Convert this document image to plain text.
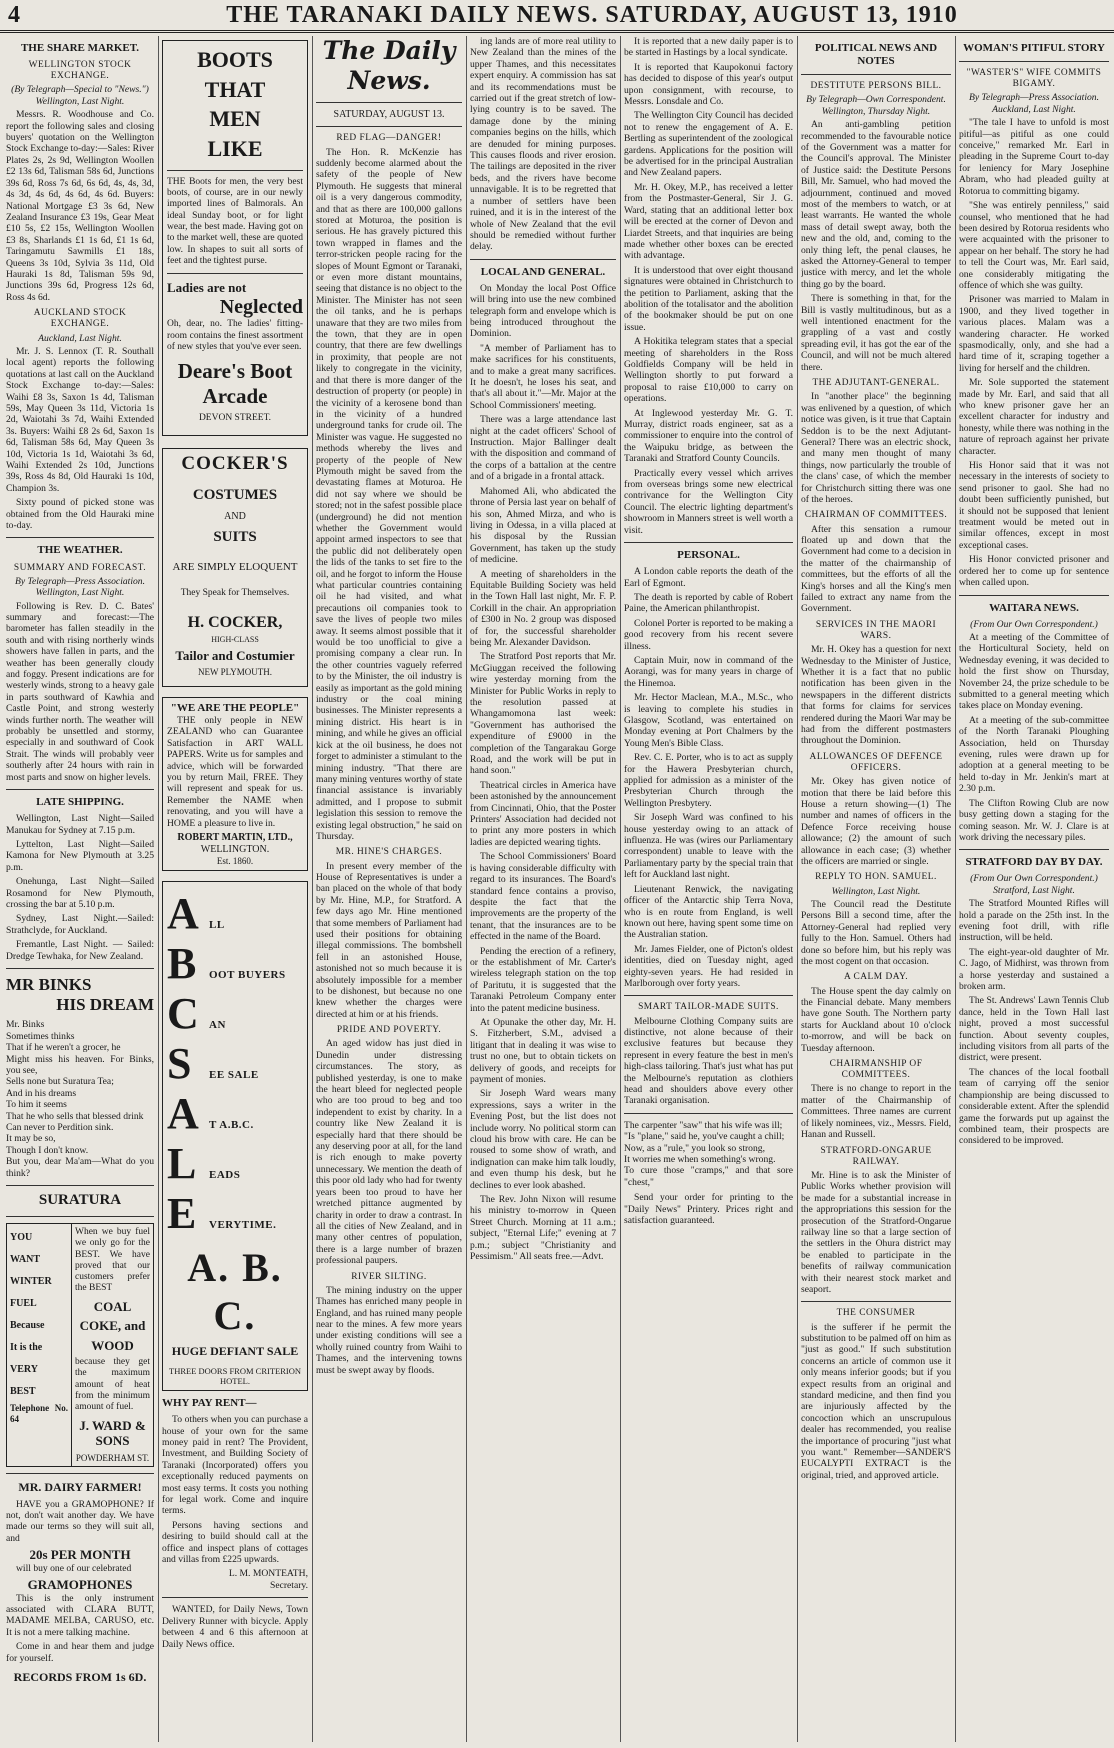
4	THE TARANAKI DAILY NEWS. SATURDAY, AUGUST 13, 1910
THE SHARE MARKET.
WELLINGTON STOCK EXCHANGE.

(By Telegraph—Special to "News.") Wellington, Last Night.

Messrs. R. Woodhouse and Co. report the following sales and closing buyers' quotation on the Wellington Stock Exchange to-day:—Sales: River Plates 2s, 2s 9d, Wellington Woollen £2 13s 6d, Talisman 58s 6d, Junctions 39s 6d, Ross 7s 6d, 6s 6d, 4s, 4s, 3d, 4s 3d, 4s 6d, 4s 6d, 4s 6d. Buyers: National Mortgage £3 3s 6d, New Zealand Insurance £3 19s, Gear Meat £10 5s, £2 15s, Wellington Woollen £3 8s, Sharlands £1 1s 6d, £1 1s 6d, Taringamutu Sawmills £1 18s, Queens 3s 10d, Sylvia 3s 11d, Old Hauraki 1s 8d, Talisman 59s 9d, Junctions 39s 6d, Progress 12s 6d, Ross 4s 6d.

AUCKLAND STOCK EXCHANGE.

Auckland, Last Night.

Mr. J. S. Lennox (T. R. Southall local agent) reports the following quotations at last call on the Auckland Stock Exchange to-day:—Sales: Waihi £8 3s, Saxon 1s 4d, Talisman 59s, May Queen 3s 11d, Victoria 1s 2d, Waiotahi 3s 7d, Waihi Extended 3s. Buyers: Waihi £8 2s 6d, Saxon 1s 6d, Talisman 58s 6d, May Queen 3s 10d, Victoria 1s 1d, Waiotahi 3s 6d, Waihi Extended 2s 10d, Junctions 39s, Ross 4s 8d, Old Hauraki 1s 10d, Champion 3s.

Sixty pound of picked stone was obtained from the Old Hauraki mine to-day.

THE WEATHER.
SUMMARY AND FORECAST.

By Telegraph—Press Association. Wellington, Last Night.

Following is Rev. D. C. Bates' summary and forecast:—The barometer has fallen steadily in the south and with rising northerly winds showers have fallen in parts, and the weather has been generally cloudy and foggy. Present indications are for westerly winds, strong to a heavy gale in parts southward of Kawhia and Castle Point, and strong westerly winds further north. The weather will probably be unsettled and stormy, especially in and southward of Cook Strait. The winds will probably veer southerly after 24 hours with rain in most parts and snow on higher levels.

LATE SHIPPING.

Wellington, Last Night—Sailed Manukau for Sydney at 7.15 p.m.

Lyttelton, Last Night—Sailed Kamona for New Plymouth at 3.25 p.m.

Onehunga, Last Night—Sailed Rosamond for New Plymouth, crossing the bar at 5.10 p.m.

Sydney, Last Night.—Sailed: Strathclyde, for Auckland.

Fremantle, Last Night. — Sailed: Dredge Tewhaka, for New Zealand.

MR BINKS
HIS DREAM
Mr. Binks
Sometimes thinks
That if he weren't a grocer, he
Might miss his heaven. For Binks, you see,
Sells none but Suratura Tea;
And in his dreams
To him it seems
That he who sells that blessed drink
Can never to Perdition sink.
It may be so,
Though I don't know.
But you, dear Ma'am—What do you think?
SURATURA
YOU
WANT
WINTER
FUEL
Because
It is the
VERY
BEST
Telephone No. 64
When we buy fuel we only go for the BEST. We have proved that our customers prefer the BEST
COAL
COKE, and
WOOD
because they get the maximum amount of heat from the minimum amount of fuel.
J. WARD & SONS
POWDERHAM ST.
MR. DAIRY FARMER!

HAVE you a GRAMOPHONE? If not, don't wait another day. We have made our terms so they will suit all, and

20s PER MONTH

will buy one of our celebrated

GRAMOPHONES

This is the only instrument associated with CLARA BUTT, MADAME MELBA, CARUSO, etc. It is not a mere talking machine.

Come in and hear them and judge for yourself.

RECORDS FROM 1s 6D.
BOOTS
THAT
MEN
LIKE

THE Boots for men, the very best boots, of course, are in our newly imported lines of Balmorals. An ideal Sunday boot, or for light wear, the best made. Having got on to the market well, these are quoted low. In shapes to suit all sorts of feet and the tightest purse.

Ladies are not
Neglected

Oh, dear, no. The ladies' fitting-room contains the finest assortment of new styles that you've ever seen.

Deare's Boot Arcade
DEVON STREET.
COCKER'S
COSTUMES
AND
SUITS
ARE SIMPLY ELOQUENT
They Speak for Themselves.
H. COCKER,
HIGH-CLASS
Tailor and Costumier
NEW PLYMOUTH.
"WE ARE THE PEOPLE"

THE only people in NEW ZEALAND who can Guarantee Satisfaction in ART WALL PAPERS. Write us for samples and advice, which will be forwarded you by return Mail, FREE. They will represent and speak for us. Remember the NAME when renovating, and you will have a HOME a pleasure to live in.

ROBERT MARTIN, LTD.,
WELLINGTON.
Est. 1860.
A LL
B	OOT BUYERS
C AN
S	EE SALE
A T A.B.C.
L	EADS
E	VERYTIME.
A. B. C.
HUGE DEFIANT SALE
THREE DOORS FROM CRITERION HOTEL.
WHY PAY RENT—

To others when you can purchase a house of your own for the same money paid in rent? The Provident, Investment, and Building Society of Taranaki (Incorporated) offers you exceptionally reduced payments on most easy terms. It costs you nothing for legal work. Come and inquire terms.

Persons having sections and desiring to build should call at the office and inspect plans of cottages and villas from £225 upwards.

L. M. MONTEATH,
Secretary.

WANTED, for Daily News, Town Delivery Runner with bicycle. Apply between 4 and 6 this afternoon at Daily News office.

The Daily News.
SATURDAY, AUGUST 13.
RED FLAG—DANGER!

The Hon. R. McKenzie has suddenly become alarmed about the safety of the people of New Plymouth. He suggests that mineral oil is a very dangerous commodity, and that as there are 100,000 gallons stored at Moturoa, the position is serious. He has gravely pictured this town wrapped in flames and the terror-stricken people racing for the slopes of Mount Egmont or Taranaki, or even more distant mountains, seeing that distance is no object to the Minister. The Minister has not seen the oil tanks, and he is perhaps unaware that they are two miles from the town, that they are in open country, that there are few dwellings in proximity, that people are not likely to congregate in the vicinity, and that there is more danger of the destruction of property (or people) in the vicinity of a kerosene bond than in the vicinity of a hundred underground tanks for crude oil. The Minister was vague. He suggested no methods whereby the lives and property of the people of New Plymouth might be saved from the devastating flames at Moturoa. He did not say where we should be stored; not in the safest possible place (underground) he did not mention whether the Government would appoint armed inspectors to see that the public did not deliberately open the lids of the tanks to set fire to the oil, and he forgot to inform the House what particular countries containing oil he had visited, and what precautions oil companies took to save the lives of people two miles away. It seems almost possible that it would be too unofficial to give a promising company a clear run. In the other countries vaguely referred to by the Minister, the oil industry is easily as important as the gold mining industry or the coal mining businesses. The Minister represents a mining district. His heart is in mining, and while he gives an official kick at the oil business, he does not forget to administer a stimulant to the mining industry. "That there are many mining ventures worthy of state financial assistance is invariably admitted, and I propose to submit legislation this session to remove the existing legal obstruction," he said on Thursday.

MR. HINE'S CHARGES.

In present every member of the House of Representatives is under a ban placed on the whole of that body by Mr. Hine, M.P., for Stratford. A few days ago Mr. Hine mentioned that some members of Parliament had used their positions for obtaining illegal commissions. The bombshell fell in an astonished House, astonished not so much because it is absolutely impossible for a member to be dishonest, but because no one knew whether the charges were directed at him or at his friends.

PRIDE AND POVERTY.

An aged widow has just died in Dunedin under distressing circumstances. The story, as published yesterday, is one to make the heart bleed for neglected people who are too proud to beg and too independent to exist by charity. In a country like New Zealand it is especially hard that there should be any deserving poor at all, for the land is rich enough to make poverty unnecessary. We mention the death of this poor old lady who had for twenty years been too proud to have her wretched pittance augmented by charity in order to draw a contrast. In all the cities of New Zealand, and in many other centres of population, there is a large number of brazen professional paupers.

RIVER SILTING.

The mining industry on the upper Thames has enriched many people in England, and has ruined many people near to the mines. A few more years under existing conditions will see a wholly ruined country from Waihi to Thames, and the intervening towns must be swept away by floods.

ing lands are of more real utility to New Zealand than the mines of the upper Thames, and this necessitates expert enquiry. A commission has sat and its recommendations must be carried out if the great stretch of low-lying country is to be saved. The damage done by the mining companies begins on the hills, which are denuded for mining purposes. This causes floods and river erosion. The tailings are deposited in the river beds, and the rivers have become unnavigable. It is to be regretted that a number of settlers have been ruined, and it is in the interest of the whole of New Zealand that the evil should be remedied without further delay.

LOCAL AND GENERAL.

On Monday the local Post Office will bring into use the new combined telegraph form and envelope which is being introduced throughout the Dominion.

"A member of Parliament has to make sacrifices for his constituents, and to make a great many sacrifices. It he doesn't, he loses his seat, and that's all about it."—Mr. Major at the School Commissioners' meeting.

There was a large attendance last night at the cadet officers' School of Instruction. Major Ballinger dealt with the disposition and command of the corps of a battalion at the centre and of a brigade in a frontal attack.

Mahomed Ali, who abdicated the throne of Persia last year on behalf of his son, Ahmed Mirza, and who is living in Odessa, in a villa placed at his disposal by the Russian Government, has taken up the study of medicine.

A meeting of shareholders in the Equitable Building Society was held in the Town Hall last night, Mr. F. P. Corkill in the chair. An appropriation of £300 in No. 2 group was disposed of for, the successful shareholder being Mr. Alexander Davidson.

The Stratford Post reports that Mr. McGiuggan received the following wire yesterday morning from the Minister for Public Works in reply to the resolution passed at Whangamomona last week: "Government has authorised the expenditure of £9000 in the completion of the Tangarakau Gorge Road, and the work will be put in hand soon."

Theatrical circles in America have been astonished by the announcement from Cincinnati, Ohio, that the Poster Printers' Association had decided not to print any more posters in which ladies are depicted wearing tights.

The School Commissioners' Board is having considerable difficulty with regard to its insurances. The Board's standard fence contains a proviso, despite the fact that the improvements are the property of the tenant, that the insurances are to be effected in the name of the Board.

Pending the erection of a refinery, or the establishment of Mr. Carter's wireless telegraph station on the top of Paritutu, it is suggested that the Taranaki Petroleum Company enter into the patent medicine business.

At Opunake the other day, Mr. H. S. Fitzherbert, S.M., advised a litigant that in dealing it was wise to trust no one, but to obtain tickets on delivery of goods, and receipts for payment of monies.

Sir Joseph Ward wears many expressions, says a writer in the Evening Post, but the list does not include worry. No political storm can cloud his brow with care. He can be roused to some show of wrath, and indignation can make him talk loudly, and even thump his desk, but he declines to ever look abashed.

The Rev. John Nixon will resume his ministry to-morrow in Queen Street Church. Morning at 11 a.m.; subject, "Eternal Life;" evening at 7 p.m.; subject "Christianity and Pessimism." All seats free.—Advt.

It is reported that a new daily paper is to be started in Hastings by a local syndicate.

It is reported that Kaupokonui factory has decided to dispose of this year's output upon consignment, with recourse, to Messrs. Lonsdale and Co.

The Wellington City Council has decided not to renew the engagement of A. E. Bertling as superintendent of the zoological gardens. Applications for the position will be advertised for in the principal Australian and New Zealand papers.

Mr. H. Okey, M.P., has received a letter from the Postmaster-General, Sir J. G. Ward, stating that an additional letter box will be erected at the corner of Devon and Liardet Streets, and that inquiries are being made whether other boxes can be erected with advantage.

It is understood that over eight thousand signatures were obtained in Christchurch to the petition to Parliament, asking that the abolition of the totalisator and the abolition of the bookmaker should be put on one issue.

A Hokitika telegram states that a special meeting of shareholders in the Ross Goldfields Company will be held in Wellington shortly to put forward a proposal to raise £10,000 to carry on operations.

At Inglewood yesterday Mr. G. T. Murray, district roads engineer, sat as a commissioner to enquire into the control of the Waipuku bridge, as between the Taranaki and Stratford County Councils.

Practically every vessel which arrives from overseas brings some new electrical contrivance for the Wellington City Council. The electric lighting department's showroom in Manners street is well worth a visit.

PERSONAL.

A London cable reports the death of the Earl of Egmont.

The death is reported by cable of Robert Paine, the American philanthropist.

Colonel Porter is reported to be making a good recovery from his recent severe illness.

Captain Muir, now in command of the Aorangi, was for many years in charge of the Hinemoa.

Mr. Hector Maclean, M.A., M.Sc., who is leaving to complete his studies in Glasgow, Scotland, was entertained on Monday evening at Port Chalmers by the Young Men's Bible Class.

Rev. C. E. Porter, who is to act as supply for the Hawera Presbyterian church, applied for admission as a minister of the Presbyterian Church through the Wellington Presbytery.

Sir Joseph Ward was confined to his house yesterday owing to an attack of influenza. He was (wires our Parliamentary correspondent) unable to leave with the Parliamentary party by the special train that left for Auckland last night.

Lieutenant Renwick, the navigating officer of the Antarctic ship Terra Nova, who is en route from England, is well known out here, having spent some time on the Australian station.

Mr. James Fielder, one of Picton's oldest identities, died on Tuesday night, aged eighty-seven years. He had resided in Marlborough over forty years.

SMART TAILOR-MADE SUITS.

Melbourne Clothing Company suits are distinctive, not alone because of their exclusive features but because they represent in every feature the best in men's high-class tailoring. That's just what has put the Melbourne's reputation as clothiers head and shoulders above every other Taranaki organisation.

The carpenter "saw" that his wife was ill;
"Is "plane," said he, you've caught a chill;
Now, as a "rule," you look so strong,
It worries me when something's wrong.
To cure those "cramps," and that sore "chest,"

Send your order for printing to the "Daily News" Printery. Prices right and satisfaction guaranteed.

POLITICAL NEWS AND NOTES
DESTITUTE PERSONS BILL.

By Telegraph—Own Correspondent. Wellington, Thursday Night.

An anti-gambling petition recommended to the favourable notice of the Government was a matter for the Council's approval. The Minister of Justice said: the Destitute Persons Bill, Mr. Samuel, who had moved the adjournment, continued and moved most of the members to watch, or at least warrants. He wanted the whole mass of detail swept away, both the new and the old, and, coming to the only thing left, the penal clauses, he asked the Attorney-General to temper justice with mercy, and let the whole thing go by the board.

There is something in that, for the Bill is vastly multitudinous, but as a well intentioned enactment for the grappling of a vast and costly spreading evil, it has got the ear of the Council, and will not be much altered there.

THE ADJUTANT-GENERAL.

In "another place" the beginning was enlivened by a question, of which notice was given, is it true that Captain Seddon is to be the next Adjutant-General? There was an electric shock, and many men thought of many things, now particularly the trouble of the clans' case, of which the member for Christchurch sitting there was one of the heroes.

CHAIRMAN OF COMMITTEES.

After this sensation a rumour floated up and down that the Government had come to a decision in the matter of the chairmanship of committees, but the efforts of all the King's horses and all the King's men failed to extract any name from the Government.

SERVICES IN THE MAORI WARS.

Mr. H. Okey has a question for next Wednesday to the Minister of Justice, Whether it is a fact that no public notification has been given in the newspapers in the different districts that forms for claims for services rendered during the Maori War may be had from the different postmasters throughout the Dominion.

ALLOWANCES OF DEFENCE OFFICERS.

Mr. Okey has given notice of motion that there be laid before this House a return showing—(1) The number and names of officers in the Defence Force receiving house allowance; (2) the amount of such allowance in each case; (3) whether the officers are married or single.

REPLY TO HON. SAMUEL.

Wellington, Last Night.

The Council read the Destitute Persons Bill a second time, after the Attorney-General had replied very fully to the Hon. Samuel. Others had done so before him, but his reply was the most cogent on that occasion.

A CALM DAY.

The House spent the day calmly on the Financial debate. Many members have gone South. The Northern party starts for Auckland about 10 o'clock to-morrow, and will be back on Tuesday afternoon.

CHAIRMANSHIP OF COMMITTEES.

There is no change to report in the matter of the Chairmanship of Committees. Three names are current of likely nominees, viz., Messrs. Field, Hanan and Russell.

STRATFORD-ONGARUE RAILWAY.

Mr. Hine is to ask the Minister of Public Works whether provision will be made for a substantial increase in the appropriations this session for the prosecution of the Stratford-Ongarue railway line so that a large section of the settlers in the Ohura district may be enabled to participate in the benefits of railway communication with their nearest stock market and seaport.

THE CONSUMER

is the sufferer if he permit the substitution to be palmed off on him as "just as good." If such substitution concerns an article of common use it only means inferior goods; but if you expect results from an original and standard medicine, and then find you are injuriously affected by the concoction which an unscrupulous dealer has recommended, you realise the importance of procuring "just what you want." Remember—SANDER'S EUCALYPTI EXTRACT is the original, tried, and approved article.

WOMAN'S PITIFUL STORY
"WASTER'S" WIFE COMMITS BIGAMY.

By Telegraph—Press Association. Auckland, Last Night.

"The tale I have to unfold is most pitiful—as pitiful as one could conceive," remarked Mr. Earl in pleading in the Supreme Court to-day for leniency for Mary Josephine Abram, who had pleaded guilty at Rotorua to committing bigamy.

"She was entirely penniless," said counsel, who mentioned that he had been desired by Rotorua residents who were acquainted with the prisoner to appear on her behalf. The story he had to tell the Court was, Mr. Earl said, one considerably mitigating the offence of which she was guilty.

Prisoner was married to Malam in 1900, and they lived together in various places. Malam was a wandering character. He worked spasmodically, only, and she had a hard time of it, scraping together a living for herself and the children.

Mr. Sole supported the statement made by Mr. Earl, and said that all who knew prisoner gave her an excellent character for industry and honesty, while there was nothing in the nature of reproach against her private character.

His Honor said that it was not necessary in the interests of society to send prisoner to gaol. She had no doubt been sufficiently punished, but it should not be supposed that lenient treatment would be meted out in similar offences, except in most exceptional cases.

His Honor convicted prisoner and ordered her to come up for sentence when called upon.

WAITARA NEWS.

(From Our Own Correspondent.)

At a meeting of the Committee of the Horticultural Society, held on Wednesday evening, it was decided to hold the first show on Thursday, November 24, the prize schedule to be submitted to a general meeting which takes place on Monday evening.

At a meeting of the sub-committee of the North Taranaki Ploughing Association, held on Thursday evening, rules were drawn up for adoption at a general meeting to be held to-day in Mr. Jenkin's mart at 2.30 p.m.

The Clifton Rowing Club are now busy getting down a staging for the coming season. Mr. W. J. Clare is at work driving the necessary piles.

STRATFORD DAY BY DAY.

(From Our Own Correspondent.) Stratford, Last Night.

The Stratford Mounted Rifles will hold a parade on the 25th inst. In the evening foot drill, with rifle instruction, will be held.

The eight-year-old daughter of Mr. C. Jago, of Midhirst, was thrown from a horse yesterday and sustained a broken arm.

The St. Andrews' Lawn Tennis Club dance, held in the Town Hall last night, proved a most successful function. About seventy couples, including visitors from all parts of the district, were present.

The chances of the local football team of carrying off the senior championship are being discussed to considerable extent. After the splendid game the forwards put up against the combined team, their prospects are considered to be improved.
